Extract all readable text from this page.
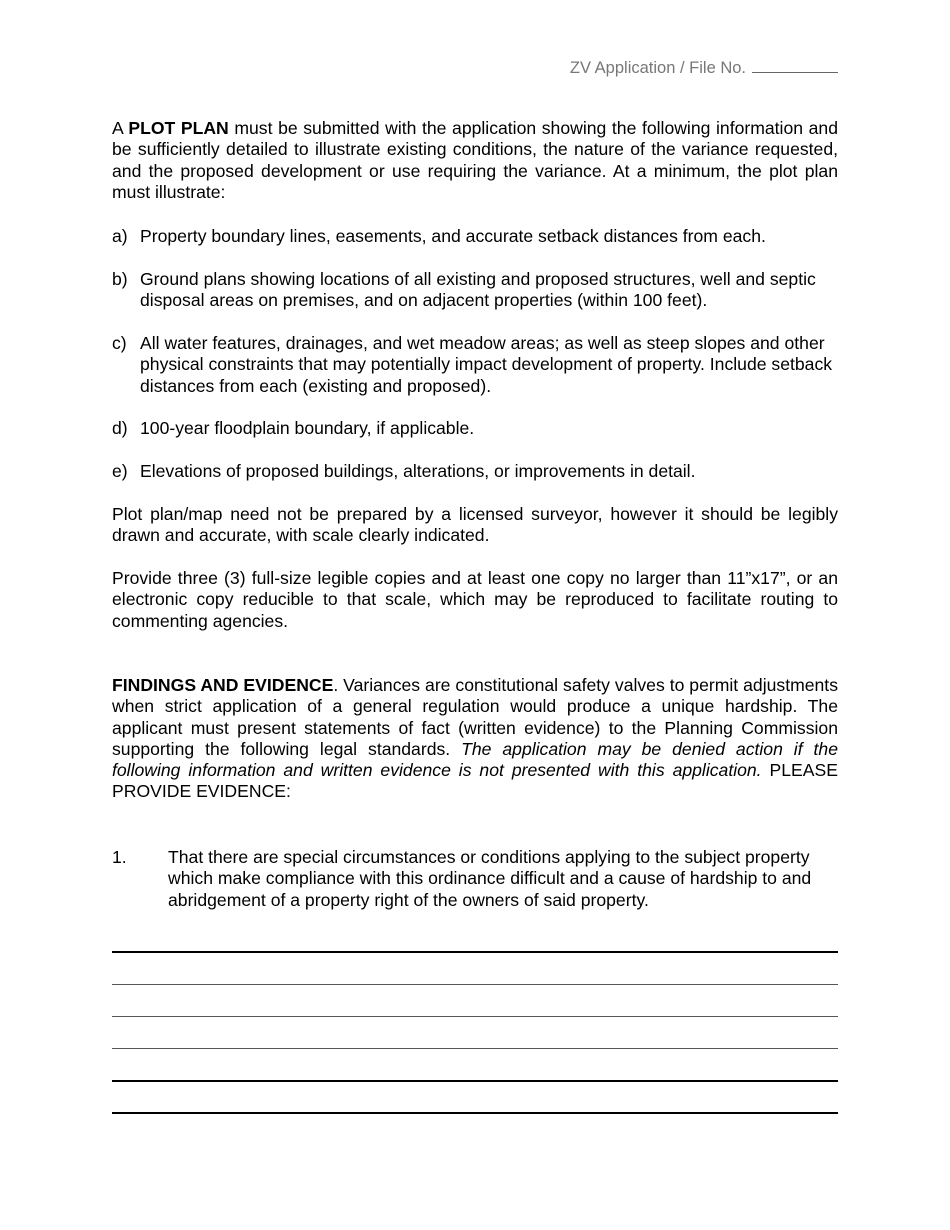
ZV Application / File No.
A PLOT PLAN must be submitted with the application showing the following information and be sufficiently detailed to illustrate existing conditions, the nature of the variance requested, and the proposed development or use requiring the variance. At a minimum, the plot plan must illustrate:
a) Property boundary lines, easements, and accurate setback distances from each.
b) Ground plans showing locations of all existing and proposed structures, well and septic disposal areas on premises, and on adjacent properties (within 100 feet).
c) All water features, drainages, and wet meadow areas; as well as steep slopes and other physical constraints that may potentially impact development of property. Include setback distances from each (existing and proposed).
d) 100-year floodplain boundary, if applicable.
e) Elevations of proposed buildings, alterations, or improvements in detail.
Plot plan/map need not be prepared by a licensed surveyor, however it should be legibly drawn and accurate, with scale clearly indicated.
Provide three (3) full-size legible copies and at least one copy no larger than 11”x17”, or an electronic copy reducible to that scale, which may be reproduced to facilitate routing to commenting agencies.
FINDINGS AND EVIDENCE. Variances are constitutional safety valves to permit adjustments when strict application of a general regulation would produce a unique hardship. The applicant must present statements of fact (written evidence) to the Planning Commission supporting the following legal standards. The application may be denied action if the following information and written evidence is not presented with this application. PLEASE PROVIDE EVIDENCE:
1. That there are special circumstances or conditions applying to the subject property which make compliance with this ordinance difficult and a cause of hardship to and abridgement of a property right of the owners of said property.
